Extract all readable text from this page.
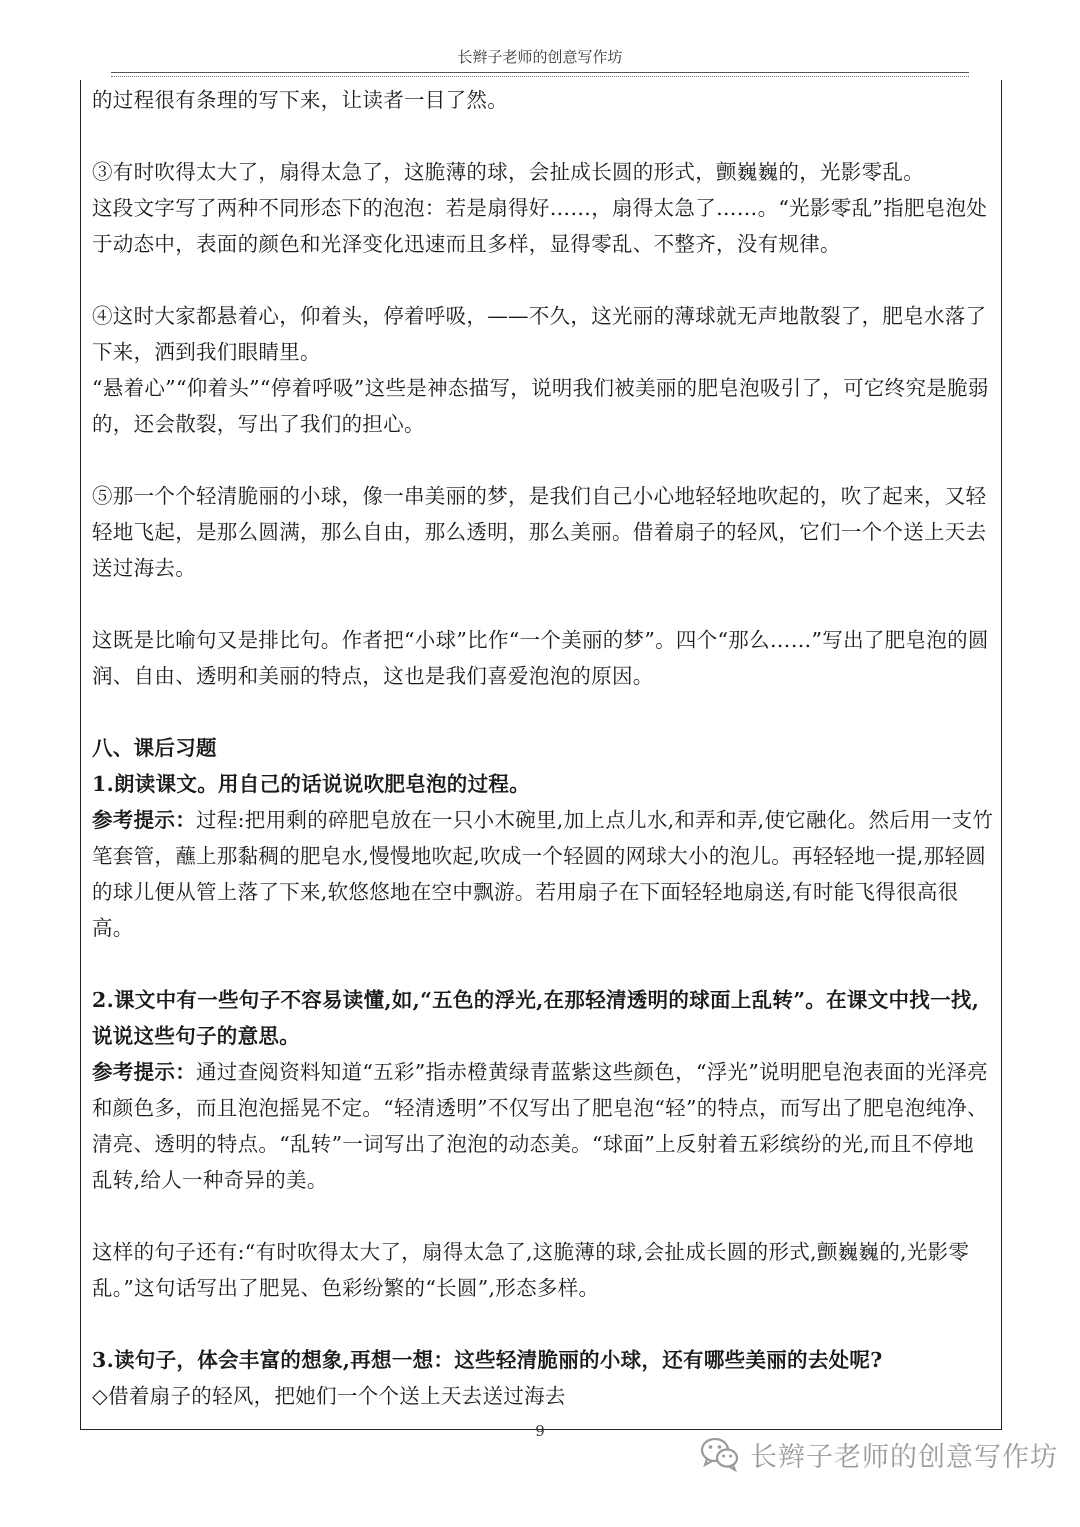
长辫子老师的创意写作坊

的过程很有条理的写下来，让读者一目了然。

③有时吹得太大了，扇得太急了，这脆薄的球，会扯成长圆的形式，颤巍巍的，光影零乱。

这段文字写了两种不同形态下的泡泡：若是扇得好……，扇得太急了……。“光影零乱”指肥皂泡处于动态中，表面的颜色和光泽变化迅速而且多样，显得零乱、不整齐，没有规律。

④这时大家都悬着心，仰着头，停着呼吸，——不久，这光丽的薄球就无声地散裂了，肥皂水落了下来，洒到我们眼睛里。

“悬着心”“仰着头”“停着呼吸”这些是神态描写，说明我们被美丽的肥皂泡吸引了，可它终究是脆弱的，还会散裂，写出了我们的担心。

⑤那一个个轻清脆丽的小球，像一串美丽的梦，是我们自己小心地轻轻地吹起的，吹了起来，又轻轻地飞起，是那么圆满，那么自由，那么透明，那么美丽。借着扇子的轻风，它们一个个送上天去送过海去。

这既是比喻句又是排比句。作者把“小球”比作“一个美丽的梦”。四个“那么……”写出了肥皂泡的圆润、自由、透明和美丽的特点，这也是我们喜爱泡泡的原因。

八、课后习题

1.朗读课文。用自己的话说说吹肥皂泡的过程。

参考提示：过程:把用剩的碎肥皂放在一只小木碗里,加上点儿水,和弄和弄,使它融化。然后用一支竹笔套管，蘸上那黏稠的肥皂水,慢慢地吹起,吹成一个轻圆的网球大小的泡儿。再轻轻地一提,那轻圆的球儿便从管上落了下来,软悠悠地在空中飘游。若用扇子在下面轻轻地扇送,有时能飞得很高很高。

2.课文中有一些句子不容易读懂,如,“五色的浮光,在那轻清透明的球面上乱转”。在课文中找一找,说说这些句子的意思。

参考提示：通过查阅资料知道“五彩”指赤橙黄绿青蓝紫这些颜色，“浮光”说明肥皂泡表面的光泽亮和颜色多，而且泡泡摇晃不定。“轻清透明”不仅写出了肥皂泡“轻”的特点，而写出了肥皂泡纯净、清亮、透明的特点。“乱转”一词写出了泡泡的动态美。“球面”上反射着五彩缤纷的光,而且不停地乱转,给人一种奇异的美。

这样的句子还有:“有时吹得太大了，扇得太急了,这脆薄的球,会扯成长圆的形式,颤巍巍的,光影零乱。”这句话写出了肥晃、色彩纷繁的“长圆”,形态多样。

3.读句子，体会丰富的想象,再想一想：这些轻清脆丽的小球，还有哪些美丽的去处呢?

◇借着扇子的轻风，把她们一个个送上天去送过海去

9
长辫子老师的创意写作坊
